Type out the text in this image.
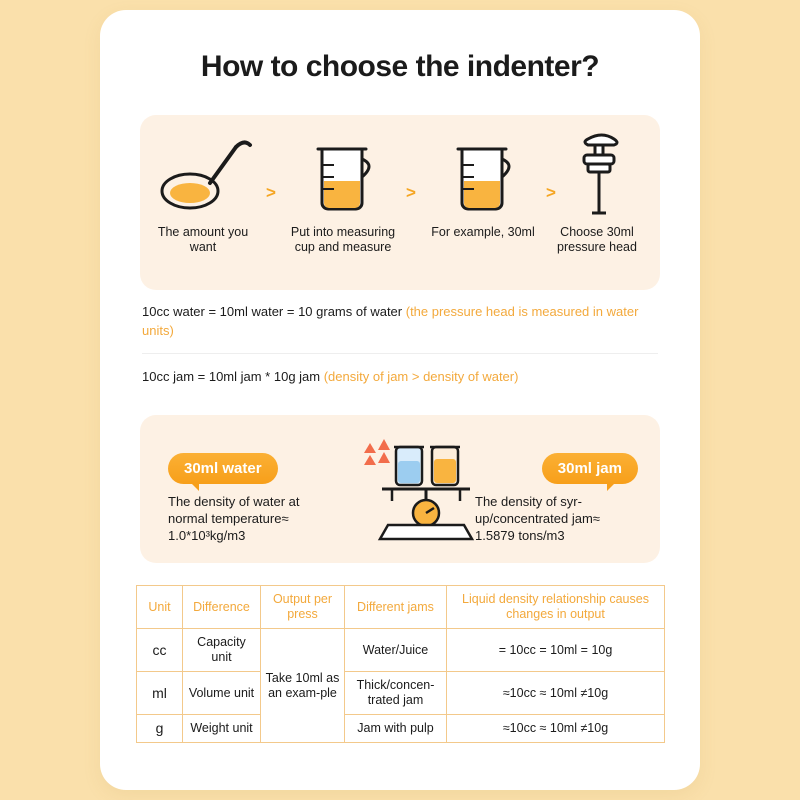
How to choose the indenter?
The amount you want
>
Put into measuring cup and measure
>
For example, 30ml
>
Choose 30ml pressure head
10cc water = 10ml water = 10 grams of water (the pressure head is measured in water units)
10cc jam = 10ml jam * 10g jam (density of jam > density of water)
30ml water
The density of water at normal temperature≈ 1.0*10³kg/m3
30ml jam
The density of syr-up/concentrated jam≈ 1.5879 tons/m3
Unit	Difference	Output per press	Different jams	Liquid density relationship causes changes in output
cc	Capacity unit	Take 10ml as an exam-ple	Water/Juice	= 10cc = 10ml = 10g
ml	Volume unit		Thick/concen-trated jam	≈10cc ≈ 10ml ≠10g
g	Weight unit		Jam with pulp	≈10cc ≈ 10ml ≠10g
